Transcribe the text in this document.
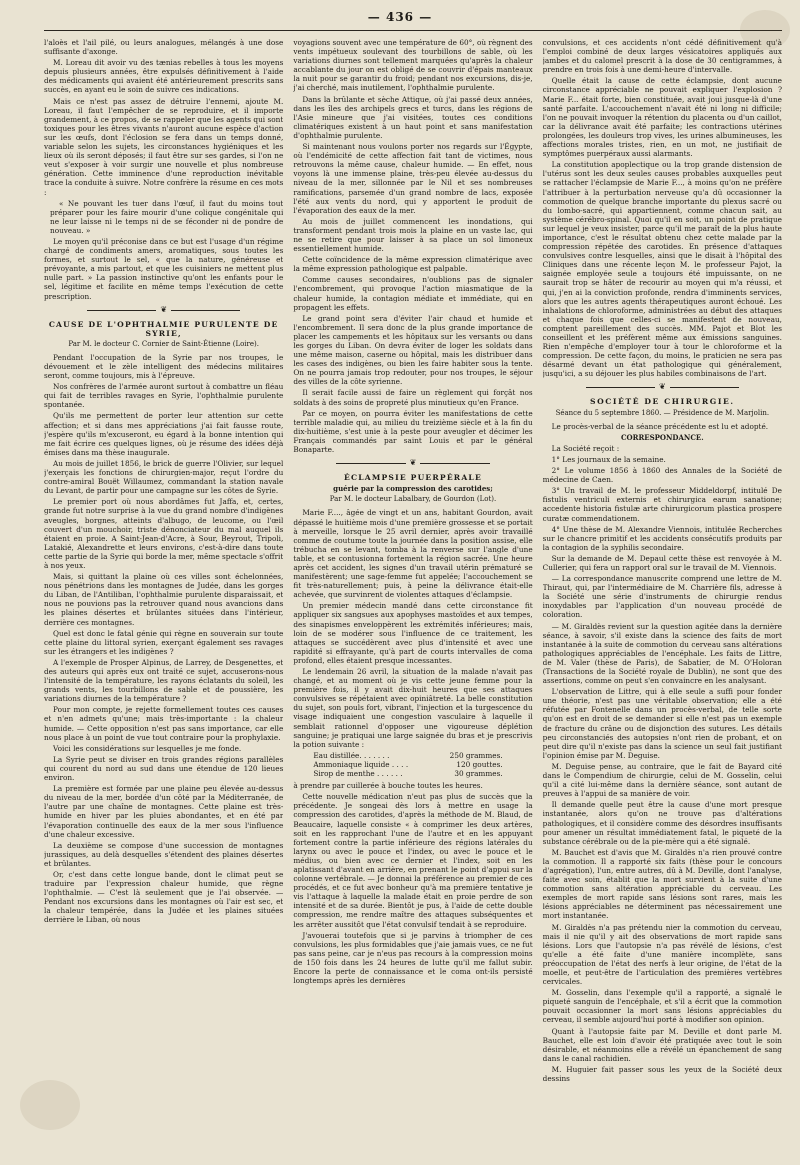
— 436 —

l'aloès et l'ail pilé, ou leurs analogues, mélangés à une dose suffisante d'axonge.

M. Loreau dit avoir vu des tænias rebelles à tous les moyens depuis plusieurs années, être expulsés définitivement à l'aide des médicaments qui avaient été antérieurement prescrits sans succès, en ayant eu le soin de suivre ces indications.

Mais ce n'est pas assez de détruire l'ennemi, ajoute M. Loreau, il faut l'empêcher de se reproduire, et il importe grandement, à ce propos, de se rappeler que les agents qui sont toxiques pour les êtres vivants n'auront aucune espèce d'action sur les œufs, dont l'éclosion se fera dans un temps donné, variable selon les sujets, les circonstances hygiéniques et les lieux où ils seront déposés; il faut être sur ses gardes, si l'on ne veut s'exposer à voir surgir une nouvelle et plus nombreuse génération. Cette imminence d'une reproduction inévitable trace la conduite à suivre. Notre confrère la résume en ces mots :

« Ne pouvant les tuer dans l'œuf, il faut du moins tout préparer pour les faire mourir d'une colique congénitale qui ne leur laisse ni le temps ni de se féconder ni de pondre de nouveau. »

Le moyen qu'il préconise dans ce but est l'usage d'un régime chargé de condiments amers, aromatiques, sous toutes les formes, et surtout le sel, « que la nature, généreuse et prévoyante, a mis partout, et que les cuisiniers ne mettent plus nulle part. » La passion instinctive qu'ont les enfants pour le sel, légitime et facilite en même temps l'exécution de cette prescription.

❦
CAUSE DE L'OPHTHALMIE PURULENTE DE SYRIE,
Par M. le docteur C. Cornier de Saint-Étienne (Loire).

Pendant l'occupation de la Syrie par nos troupes, le dévouement et le zèle intelligent des médecins militaires seront, comme toujours, mis à l'épreuve.

Nos confrères de l'armée auront surtout à combattre un fléau qui fait de terribles ravages en Syrie, l'ophthalmie purulente spontanée.

Qu'ils me permettent de porter leur attention sur cette affection; et si dans mes appréciations j'ai fait fausse route, j'espère qu'ils m'excuseront, eu égard à la bonne intention qui me fait écrire ces quelques lignes, où je résume des idées déjà émises dans ma thèse inaugurale.

Au mois de juillet 1856, le brick de guerre l'Olivier, sur lequel j'exerçais les fonctions de chirurgien-major, reçut l'ordre du contre-amiral Bouët Willaumez, commandant la station navale du Levant, de partir pour une campagne sur les côtes de Syrie.

Le premier port où nous abordâmes fut Jaffa, et, certes, grande fut notre surprise à la vue du grand nombre d'indigènes aveugles, borgnes, atteints d'albugo, de leucome, ou l'œil couvert d'un mouchoir, triste dénonciateur du mal auquel ils étaient en proie. A Saint-Jean-d'Acre, à Sour, Beyrout, Tripoli, Latakié, Alexandrette et leurs environs, c'est-à-dire dans toute cette partie de la Syrie qui borde la mer, même spectacle s'offrit à nos yeux.

Mais, si quittant la plaine où ces villes sont échelonnées, nous pénétrions dans les montagnes de Judée, dans les gorges du Liban, de l'Antiliban, l'ophthalmie purulente disparaissait, et nous ne pouvions pas la retrouver quand nous avancions dans les plaines désertes et brûlantes situées dans l'intérieur, derrière ces montagnes.

Quel est donc le fatal génie qui règne en souverain sur toute cette plaine du littoral syrien, exerçant également ses ravages sur les étrangers et les indigènes ?

A l'exemple de Prosper Alpinus, de Larrey, de Desgenettes, et des auteurs qui après eux ont traité ce sujet, accuserons-nous l'intensité de la température, les rayons éclatants du soleil, les grands vents, les tourbillons de sable et de poussière, les variations diurnes de la température ?

Pour mon compte, je rejette formellement toutes ces causes et n'en admets qu'une; mais très-importante : la chaleur humide. — Cette opposition n'est pas sans importance, car elle nous place à un point de vue tout contraire pour la prophylaxie.

Voici les considérations sur lesquelles je me fonde.

La Syrie peut se diviser en trois grandes régions parallèles qui courent du nord au sud dans une étendue de 120 lieues environ.

La première est formée par une plaine peu élevée au-dessus du niveau de la mer, bordée d'un côté par la Méditerranée, de l'autre par une chaîne de montagnes. Cette plaine est très-humide en hiver par les pluies abondantes, et en été par l'évaporation continuelle des eaux de la mer sous l'influence d'une chaleur excessive.

La deuxième se compose d'une succession de montagnes jurassiques, au delà desquelles s'étendent des plaines désertes et brûlantes.

Or, c'est dans cette longue bande, dont le climat peut se traduire par l'expression chaleur humide, que règne l'ophthalmie. — C'est là seulement que je l'ai observée. — Pendant nos excursions dans les montagnes où l'air est sec, et la chaleur tempérée, dans la Judée et les plaines situées derrière le Liban, où nous

voyagions souvent avec une température de 60°, où règnent des vents impétueux soulevant des tourbillons de sable, où les variations diurnes sont tellement marquées qu'après la chaleur accablante du jour on est obligé de se couvrir d'épais manteaux la nuit pour se garantir du froid; pendant nos excursions, dis-je, j'ai cherché, mais inutilement, l'ophthalmie purulente.

Dans la brûlante et sèche Attique, où j'ai passé deux années, dans les îles des archipels grecs et turcs, dans les régions de l'Asie mineure que j'ai visitées, toutes ces conditions climatériques existent à un haut point et sans manifestation d'ophthalmie purulente.

Si maintenant nous voulons porter nos regards sur l'Égypte, où l'endémicité de cette affection fait tant de victimes, nous retrouvons la même cause, chaleur humide. — En effet, nous voyons là une immense plaine, très-peu élevée au-dessus du niveau de la mer, sillonnée par le Nil et ses nombreuses ramifications, parsemée d'un grand nombre de lacs, exposée l'été aux vents du nord, qui y apportent le produit de l'évaporation des eaux de la mer.

Au mois de juillet commencent les inondations, qui transforment pendant trois mois la plaine en un vaste lac, qui ne se retire que pour laisser à sa place un sol limoneux essentiellement humide.

Cette coïncidence de la même expression climatérique avec la même expression pathologique est palpable.

Comme causes secondaires, n'oublions pas de signaler l'encombrement, qui provoque l'action miasmatique de la chaleur humide, la contagion médiate et immédiate, qui en propagent les effets.

Le grand point sera d'éviter l'air chaud et humide et l'encombrement. Il sera donc de la plus grande importance de placer les campements et les hôpitaux sur les versants ou dans les gorges du Liban. On devra éviter de loger les soldats dans une même maison, caserne ou hôpital, mais les distribuer dans les cases des indigènes, ou bien les faire habiter sous la tente. On ne pourra jamais trop redouter, pour nos troupes, le séjour des villes de la côte syrienne.

Il serait facile aussi de faire un règlement qui forçât nos soldats à des soins de propreté plus minutieux qu'en France.

Par ce moyen, on pourra éviter les manifestations de cette terrible maladie qui, au milieu du treizième siècle et à la fin du dix-huitième, s'est unie à la peste pour aveugler et décimer les Français commandés par saint Louis et par le général Bonaparte.

❦
ÉCLAMPSIE PUERPÉRALE
guérie par la compression des carotides;
Par M. le docteur Labalbary, de Gourdon (Lot).

Marie F...., âgée de vingt et un ans, habitant Gourdon, avait dépassé le huitième mois d'une première grossesse et se portait à merveille, lorsque le 25 avril dernier, après avoir travaillé comme de coutume toute la journée dans la position assise, elle trébucha en se levant, tomba à la renverse sur l'angle d'une table, et se contusionna fortement la région sacrée. Une heure après cet accident, les signes d'un travail utérin prématuré se manifestèrent; une sage-femme fut appelée; l'accouchement se fit très-naturellement; puis, à peine la délivrance était-elle achevée, que survinrent de violentes attaques d'éclampsie.

Un premier médecin mandé dans cette circonstance fit appliquer six sangsues aux apophyses mastoïdes et aux tempes, des sinapismes enveloppèrent les extrémités inférieures; mais, loin de se modérer sous l'influence de ce traitement, les attaques se succédèrent avec plus d'intensité et avec une rapidité si effrayante, qu'à part de courts intervalles de coma profond, elles étaient presque incessantes.

Le lendemain 26 avril, la situation de la malade n'avait pas changé, et au moment où je vis cette jeune femme pour la première fois, il y avait dix-huit heures que ses attaques convulsives se répétaient avec opiniâtreté. La belle constitution du sujet, son pouls fort, vibrant, l'injection et la turgescence du visage indiquaient une congestion vasculaire à laquelle il semblait rationnel d'opposer une vigoureuse déplétion sanguine; je pratiquai une large saignée du bras et je prescrivis la potion suivante :

Eau distillée. . . . . . .	250 grammes.
Ammoniaque liquide . . . .	120 gouttes.
Sirop de menthe . . . . . .	30 grammes.

à prendre par cuillerée à bouche toutes les heures.

Cette nouvelle médication n'eut pas plus de succès que la précédente. Je songeai dès lors à mettre en usage la compression des carotides, d'après la méthode de M. Blaud, de Beaucaire, laquelle consiste « à comprimer les deux artères, soit en les rapprochant l'une de l'autre et en les appuyant fortement contre la partie inférieure des régions latérales du larynx ou avec le pouce et l'index, ou avec le pouce et le médius, ou bien avec ce dernier et l'index, soit en les aplatissant d'avant en arrière, en prenant le point d'appui sur la colonne vertébrale. — Je donnai la préférence au premier de ces procédés, et ce fut avec bonheur qu'à ma première tentative je vis l'attaque à laquelle la malade était en proie perdre de son intensité et de sa durée. Bientôt je pus, à l'aide de cette double compression, me rendre maître des attaques subséquentes et les arrêter aussitôt que l'état convulsif tendait à se reproduire.

J'avouerai toutefois que si je parvins à triompher de ces convulsions, les plus formidables que j'aie jamais vues, ce ne fut pas sans peine, car je n'eus pas recours à la compression moins de 150 fois dans les 24 heures de lutte qu'il me fallut subir. Encore la perte de connaissance et le coma ont-ils persisté longtemps après les dernières

convulsions, et ces accidents n'ont cédé définitivement qu'à l'emploi combiné de deux larges vésicatoires appliqués aux jambes et du calomel prescrit à la dose de 30 centigrammes, à prendre en trois fois à une demi-heure d'intervalle.

Quelle était la cause de cette éclampsie, dont aucune circonstance appréciable ne pouvait expliquer l'explosion ? Marie F... était forte, bien constituée, avait joui jusque-là d'une santé parfaite. L'accouchement n'avait été ni long ni difficile; l'on ne pouvait invoquer la rétention du placenta ou d'un caillot, car la délivrance avait été parfaite; les contractions utérines prolongées, les douleurs trop vives, les urines albumineuses, les affections morales tristes, rien, en un mot, ne justifiait de symptômes puerpéraux aussi alarmants.

La constitution apoplectique ou la trop grande distension de l'utérus sont les deux seules causes probables auxquelles peut se rattacher l'éclampsie de Marie F..., à moins qu'on ne préfère l'attribuer à la perturbation nerveuse qu'a dû occasionner la commotion de quelque branche importante du plexus sacré ou du lombo-sacré, qui appartiennent, comme chacun sait, au système cérébro-spinal. Quoi qu'il en soit, un point de pratique sur lequel je veux insister, parce qu'il me paraît de la plus haute importance, c'est le résultat obtenu chez cette malade par la compression répétée des carotides. En présence d'attaques convulsives contre lesquelles, ainsi que le disait à l'hôpital des Cliniques dans une récente leçon M. le professeur Pajot, la saignée employée seule a toujours été impuissante, on ne saurait trop se hâter de recourir au moyen qui m'a réussi, et qui, j'en ai la conviction profonde, rendra d'imminents services, alors que les autres agents thérapeutiques auront échoué. Les inhalations de chloroforme, administrées au début des attaques et chaque fois que celles-ci se manifestent de nouveau, comptent pareillement des succès. MM. Pajot et Blot les conseillent et les préfèrent même aux émissions sanguines. Rien n'empêche d'employer tour à tour le chloroforme et la compression. De cette façon, du moins, le praticien ne sera pas désarmé devant un état pathologique qui généralement, jusqu'ici, a su déjouer les plus habiles combinaisons de l'art.

❦
SOCIÉTÉ DE CHIRURGIE.
Séance du 5 septembre 1860. — Présidence de M. Marjolin.

Le procès-verbal de la séance précédente est lu et adopté.

CORRESPONDANCE.

La Société reçoit :

1° Les journaux de la semaine.

2° Le volume 1856 à 1860 des Annales de la Société de médecine de Caen.

3° Un travail de M. le professeur Middeldorpf, intitulé De fistulis ventriculi externis et chirurgica earum sanatione; accedente historia fistulæ arte chirurgicorum plastica prospere curatæ commendationem.

4° Une thèse de M. Alexandre Viennois, intitulée Recherches sur le chancre primitif et les accidents consécutifs produits par la contagion de la syphilis secondaire.

Sur la demande de M. Depaul cette thèse est renvoyée à M. Cullerier, qui fera un rapport oral sur le travail de M. Viennois.

— La correspondance manuscrite comprend une lettre de M. Thiraut, qui, par l'intermédiaire de M. Charrière fils, adresse à la Société une série d'instruments de chirurgie rendus inoxydables par l'application d'un nouveau procédé de coloration.

— M. Giraldès revient sur la question agitée dans la dernière séance, à savoir, s'il existe dans la science des faits de mort instantanée à la suite de commotion du cerveau sans altérations pathologiques appréciables de l'encéphale. Les faits de Littre, de M. Valer (thèse de Paris), de Sabatier, de M. O'Holoran (Transactions de la Société royale de Dublin), ne sont que des assertions, comme on peut s'en convaincre en les analysant.

L'observation de Littre, qui à elle seule a suffi pour fonder une théorie, n'est pas une véritable observation; elle a été réfutée par Fontenelle dans un procès-verbal, de telle sorte qu'on est en droit de se demander si elle n'est pas un exemple de fracture du crâne ou de disjonction des sutures. Les détails peu circonstanciés des autopsies n'ont rien de probant, et on peut dire qu'il n'existe pas dans la science un seul fait justifiant l'opinion émise par M. Deguise.

M. Deguise pense, au contraire, que le fait de Bayard cité dans le Compendium de chirurgie, celui de M. Gosselin, celui qu'il a cité lui-même dans la dernière séance, sont autant de preuves à l'appui de sa manière de voir.

Il demande quelle peut être la cause d'une mort presque instantanée, alors qu'on ne trouve pas d'altérations pathologiques, et il considère comme des désordres insuffisants pour amener un résultat immédiatement fatal, le piqueté de la substance cérébrale ou de la pie-mère qui a été signalé.

M. Bauchet est d'avis que M. Giraldès n'a rien prouvé contre la commotion. Il a rapporté six faits (thèse pour le concours d'agrégation), l'un, entre autres, dû à M. Deville, dont l'analyse, faite avec soin, établit que la mort survient à la suite d'une commotion sans altération appréciable du cerveau. Les exemples de mort rapide sans lésions sont rares, mais les lésions appréciables ne déterminent pas nécessairement une mort instantanée.

M. Giraldès n'a pas prétendu nier la commotion du cerveau, mais il nie qu'il y ait des observations de mort rapide sans lésions. Lors que l'autopsie n'a pas révélé de lésions, c'est qu'elle a été faite d'une manière incomplète, sans préoccupation de l'état des nerfs à leur origine, de l'état de la moelle, et peut-être de l'articulation des premières vertèbres cervicales.

M. Gosselin, dans l'exemple qu'il a rapporté, a signalé le piqueté sanguin de l'encéphale, et s'il a écrit que la commotion pouvait occasionner la mort sans lésions appréciables du cerveau, il semble aujourd'hui porté à modifier son opinion.

Quant à l'autopsie faite par M. Deville et dont parle M. Bauchet, elle est loin d'avoir été pratiquée avec tout le soin désirable, et néanmoins elle a révélé un épanchement de sang dans le canal rachidien.

M. Huguier fait passer sous les yeux de la Société deux dessins
